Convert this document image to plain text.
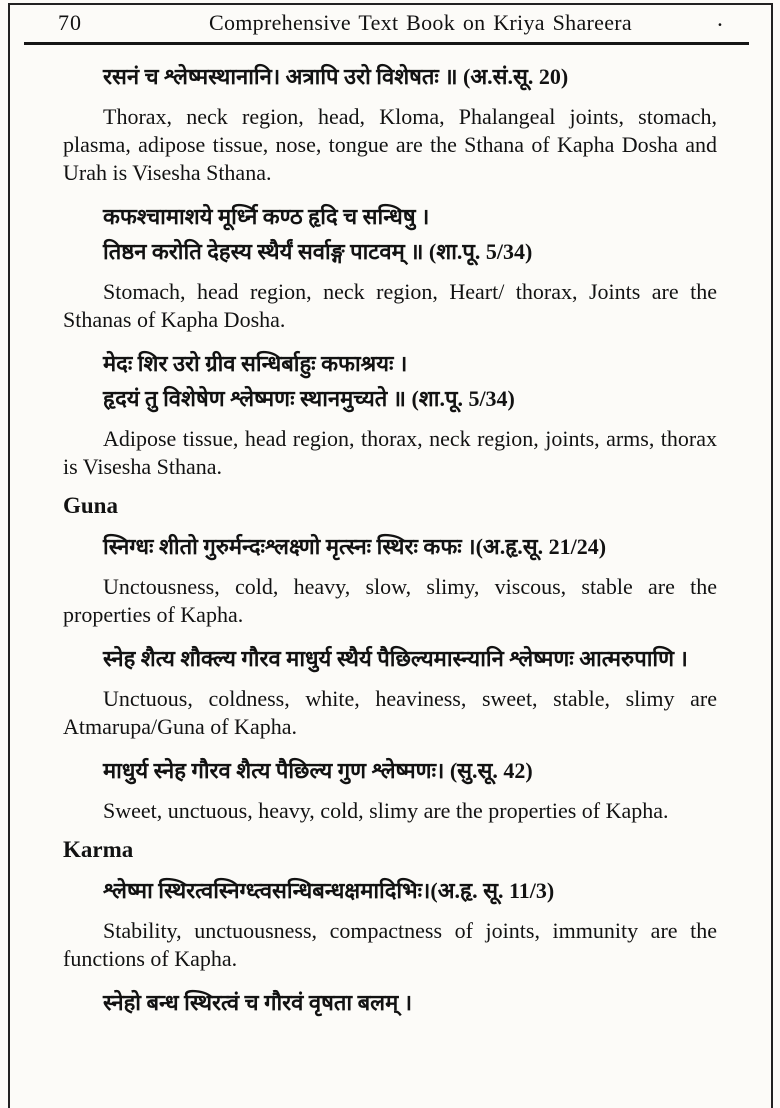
70	Comprehensive Text Book on Kriya Shareera	·

रसनं च श्लेष्मस्थानानि। अत्रापि उरो विशेषतः ॥ (अ.सं.सू. 20)

Thorax, neck region, head, Kloma, Phalangeal joints, stomach, plasma, adipose tissue, nose, tongue are the Sthana of Kapha Dosha and Urah is Visesha Sthana.

कफश्चामाशये मूर्ध्नि कण्ठ हृदि च सन्धिषु ।
तिष्ठन करोति देहस्य स्थैर्यं सर्वाङ्ग पाटवम् ॥ (शा.पू. 5/34)

Stomach, head region, neck region, Heart/ thorax, Joints are the Sthanas of Kapha Dosha.

मेदः शिर उरो ग्रीव सन्धिर्बाहुः कफाश्रयः ।
हृदयं तु विशेषेण श्लेष्मणः स्थानमुच्यते ॥ (शा.पू. 5/34)

Adipose tissue, head region, thorax, neck region, joints, arms, thorax is Visesha Sthana.

Guna

स्निग्धः शीतो गुरुर्मन्दःश्लक्ष्णो मृत्स्नः स्थिरः कफः ।(अ.हृ.सू. 21/24)

Unctousness, cold, heavy, slow, slimy, viscous, stable are the properties of Kapha.

स्नेह शैत्य शौक्ल्य गौरव माधुर्य स्थैर्य पैछिल्यमास्न्यानि श्लेष्मणः आत्मरुपाणि ।

Unctuous, coldness, white, heaviness, sweet, stable, slimy are Atmarupa/Guna of Kapha.

माधुर्य स्नेह गौरव शैत्य पैछिल्य गुण श्लेष्मणः। (सु.सू. 42)

Sweet, unctuous, heavy, cold, slimy are the properties of Kapha.

Karma

श्लेष्मा स्थिरत्वस्निग्ध्त्वसन्धिबन्धक्षमादिभिः।(अ.हृ. सू. 11/3)

Stability, unctuousness, compactness of joints, immunity are the functions of Kapha.

स्नेहो बन्ध स्थिरत्वं च गौरवं वृषता बलम् ।
